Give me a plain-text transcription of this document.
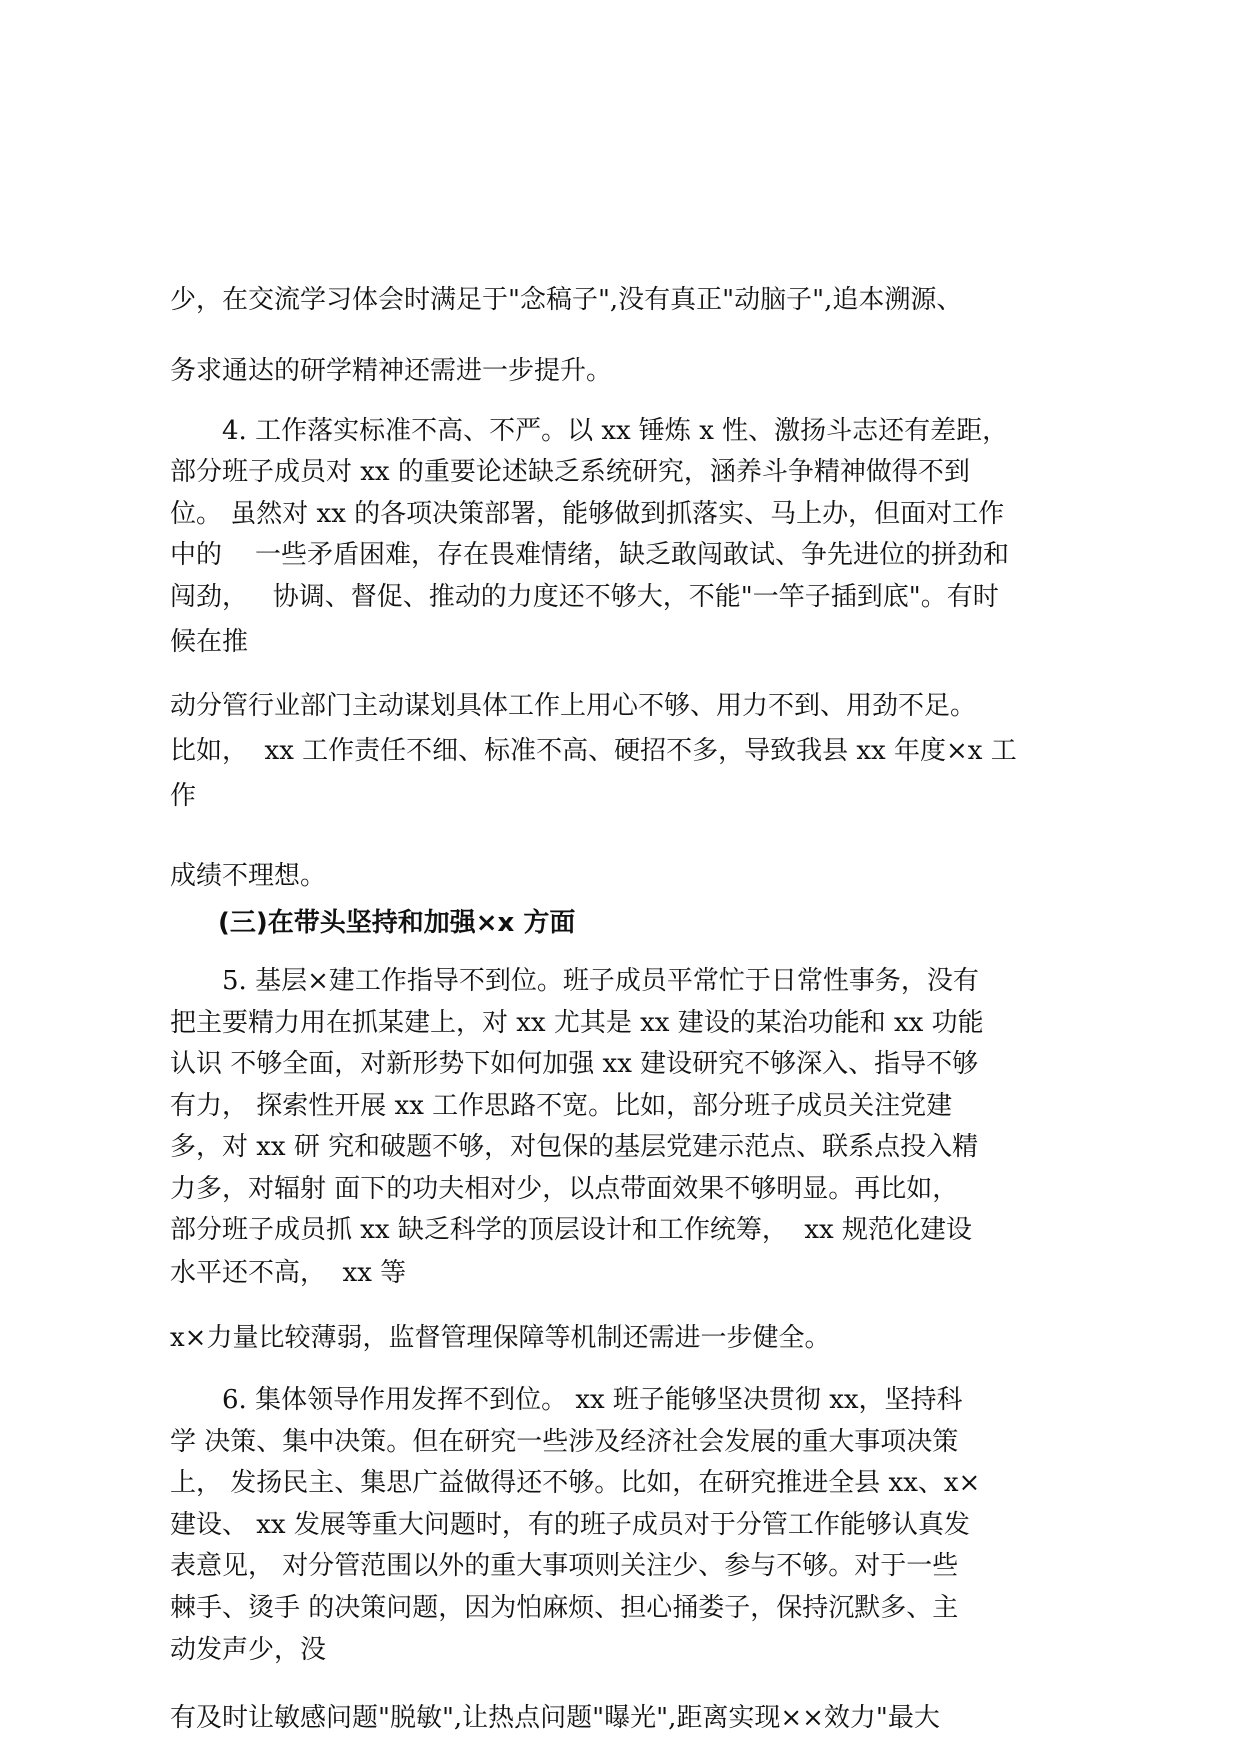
少，在交流学习体会时满足于"念稿子",没有真正"动脑子",追本溯源、

务求通达的研学精神还需进一步提升。

4. 工作落实标准不高、不严。以 xx 锤炼 x 性、激扬斗志还有差距，

部分班子成员对 xx 的重要论述缺乏系统研究，涵养斗争精神做得不到

位。 虽然对 xx 的各项决策部署，能够做到抓落实、马上办，但面对工作

中的    一些矛盾困难，存在畏难情绪，缺乏敢闯敢试、争先进位的拼劲和

闯劲，   协调、督促、推动的力度还不够大，不能"一竿子插到底"。有时

候在推

动分管行业部门主动谋划具体工作上用心不够、用力不到、用劲不足。

比如，  xx 工作责任不细、标准不高、硬招不多，导致我县 xx 年度×x 工

作

成绩不理想。

(三)在带头坚持和加强×x 方面

5. 基层×建工作指导不到位。班子成员平常忙于日常性事务，没有

把主要精力用在抓某建上，对 xx 尤其是 xx 建设的某治功能和 xx 功能

认识 不够全面，对新形势下如何加强 xx 建设研究不够深入、指导不够

有力， 探索性开展 xx 工作思路不宽。比如，部分班子成员关注党建

多，对 xx 研 究和破题不够，对包保的基层党建示范点、联系点投入精

力多，对辐射 面下的功夫相对少，以点带面效果不够明显。再比如，

部分班子成员抓 xx 缺乏科学的顶层设计和工作统筹，  xx 规范化建设

水平还不高，  xx 等

x×力量比较薄弱，监督管理保障等机制还需进一步健全。

6. 集体领导作用发挥不到位。 xx 班子能够坚决贯彻 xx，坚持科

学 决策、集中决策。但在研究一些涉及经济社会发展的重大事项决策

上， 发扬民主、集思广益做得还不够。比如，在研究推进全县 xx、x×

建设、 xx 发展等重大问题时，有的班子成员对于分管工作能够认真发

表意见， 对分管范围以外的重大事项则关注少、参与不够。对于一些

棘手、烫手 的决策问题，因为怕麻烦、担心捅娄子，保持沉默多、主

动发声少，没

有及时让敏感问题"脱敏",让热点问题"曝光",距离实现××效力"最大
